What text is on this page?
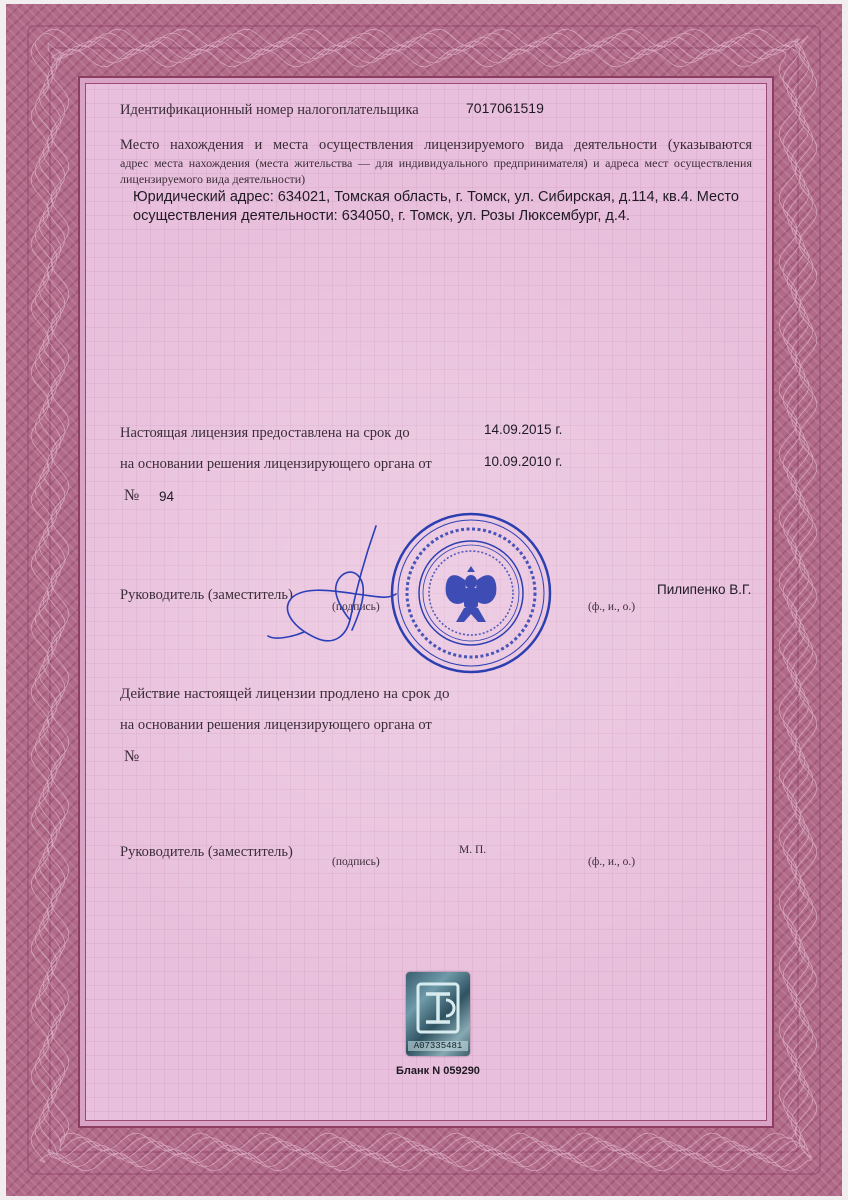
Идентификационный номер налогоплательщика	7017061519
Место нахождения и места осуществления лицензируемого вида деятельности (указываются
адрес места нахождения (места жительства — для индивидуального предпринимателя) и адреса мест осуществления
лицензируемого вида деятельности)
Юридический адрес: 634021, Томская область, г. Томск, ул. Сибирская, д.114, кв.4. Место
осуществления деятельности: 634050, г. Томск, ул. Розы Люксембург, д.4.
Настоящая лицензия предоставлена на срок до	14.09.2015 г.
на основании решения лицензирующего органа от	10.09.2010 г.
№ 94
Руководитель (заместитель)
(подпись)	(ф., и., о.)
Пилипенко В.Г.
Действие настоящей лицензии продлено на срок до
на основании решения лицензирующего органа от
№
Руководитель (заместитель)
(подпись)
М. П.
(ф., и., о.)
A07335481
Бланк N 059290
